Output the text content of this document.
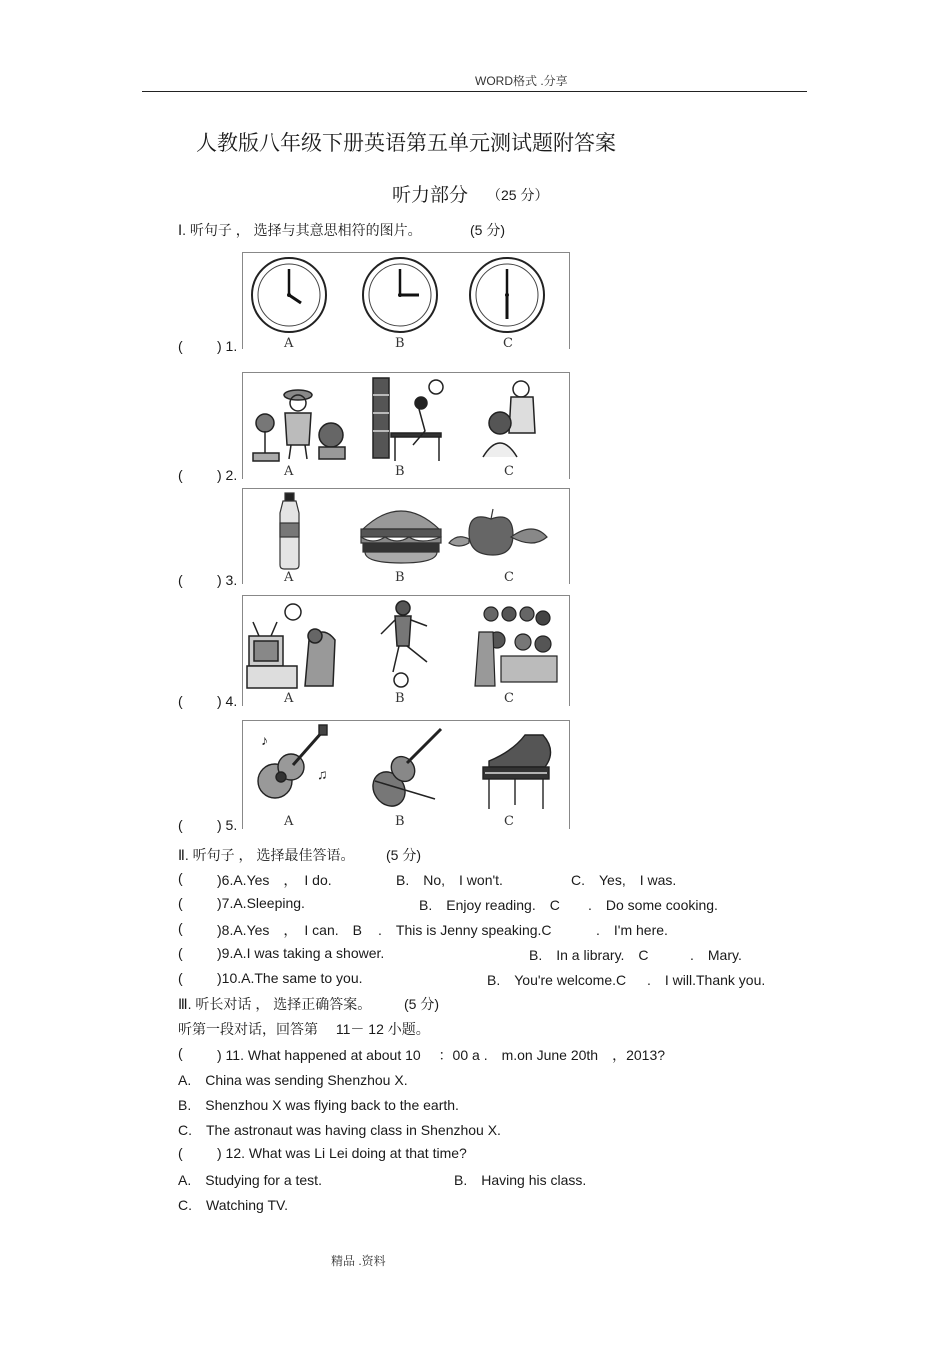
WORD格式 .分享
人教版八年级下册英语第五单元测试题附答案
听力部分 （25 分）
Ⅰ. 听句子 ， 选择与其意思相符的图片。	(5 分)
A	B	C
( ) 1.
A	B	C
( ) 2.
A	B	C
( ) 3.
A	B	C
( ) 4.
♪
♫
A	B	C
( ) 5.
Ⅱ. 听句子 ， 选择最佳答语。 (5 分)
( )6.A.Yes　，　I do.	B.　No,　I won't.	C.　Yes,　I was.
( )7.A.Sleeping.	B.　Enjoy reading.　C .　Do some cooking.
( )8.A.Yes　，　I can.　B .　This is Jenny speaking.C	.　I'm here.
( )9.A.I was taking a shower.	B.　In a library.　C	.　Mary.
( )10.A.The same to you.	B.　You're welcome.C .　I will.Thank you.
Ⅲ. 听长对话 ， 选择正确答案。 (5 分)
听第一段对话，回答第　 11－ 12 小题。
( ) 11. What happened at about 10　 ：00 a .　m.on June 20th　，2013?
A.　China was sending Shenzhou X.
B.　Shenzhou X was flying back to the earth.
C.　The astronaut was having class in Shenzhou X.
( ) 12. What was Li Lei doing at that time?
A.　Studying for a test.	B.　Having his class.
C.　Watching TV.
精品 .资料
